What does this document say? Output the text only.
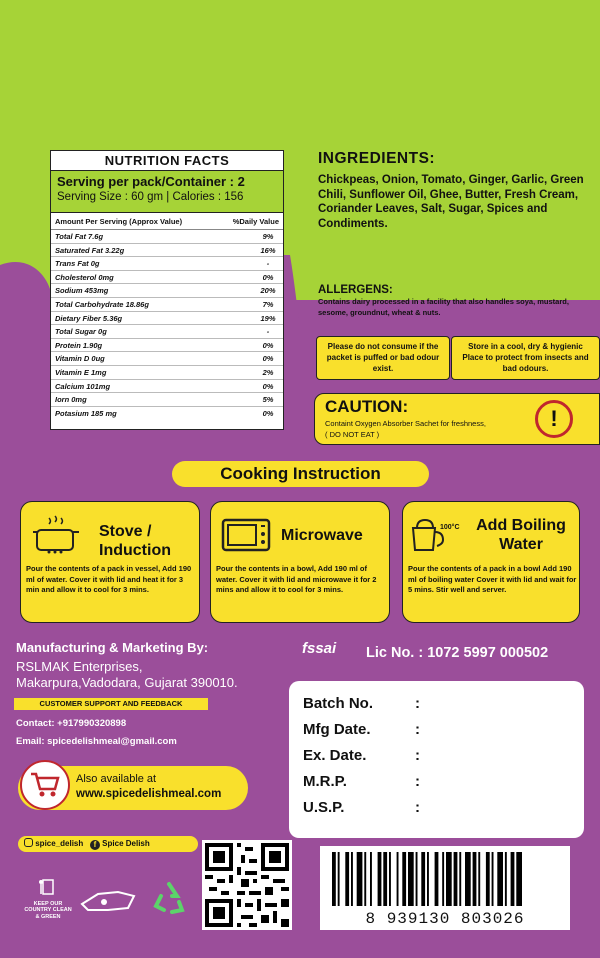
NUTRITION FACTS
Serving per pack/Container : 2
Serving Size : 60 gm | Calories : 156
Amount Per Serving (Approx Value)	%Daily Value
Total Fat 7.6g	9%
Saturated Fat 3.22g	16%
Trans Fat 0g	-
Cholesterol 0mg	0%
Sodium 453mg	20%
Total Carbohydrate 18.86g	7%
Dietary Fiber 5.36g	19%
Total Sugar 0g	-
Protein 1.90g	0%
Vitamin D 0ug	0%
Vitamin E 1mg	2%
Calcium 101mg	0%
Iorn 0mg	5%
Potasium 185 mg	0%
INGREDIENTS:
Chickpeas, Onion, Tomato, Ginger, Garlic, Green Chili, Sunflower Oil, Ghee, Butter, Fresh Cream, Coriander Leaves, Salt, Sugar, Spices and Condiments.
ALLERGENS:
Contains dairy processed in a facility that also handles soya, mustard, sesome, groundnut, wheat & nuts.
Please do not consume if the packet is puffed or bad odour exist.
Store in a cool, dry & hygienic Place to protect from insects and bad odours.
CAUTION:
Containt Oxygen Absorber Sachet for freshness,
( DO NOT EAT )
!
Cooking Instruction
Stove / Induction
Pour the contents of a pack in vessel, Add 190 ml of water. Cover it with lid and heat it for 3 min and allow it to cool for 3 mins.
Microwave
Pour the contents in a bowl, Add 190 ml of water. Cover it with lid and microwave it for 2 mins and allow it to cool for 3 mins.
100°C	Add Boiling Water
Pour the contents of a pack in a bowl Add 190 ml of boiling water Cover it with lid and wait for 5 mins. Stir well and server.
Manufacturing & Marketing By:
RSLMAK Enterprises,
Makarpura,Vadodara, Gujarat 390010.
CUSTOMER SUPPORT AND FEEDBACK
Contact: +917990320898
Email: spicedelishmeal@gmail.com
Also available at
www.spicedelishmeal.com
spice_delish f Spice Delish
KEEP OUR COUNTRY CLEAN & GREEN
fssai	Lic No. : 1072 5997 000502
Batch No.	:
Mfg Date.	:
Ex. Date.	:
M.R.P.	:
U.S.P.	:
8 939130 803026
